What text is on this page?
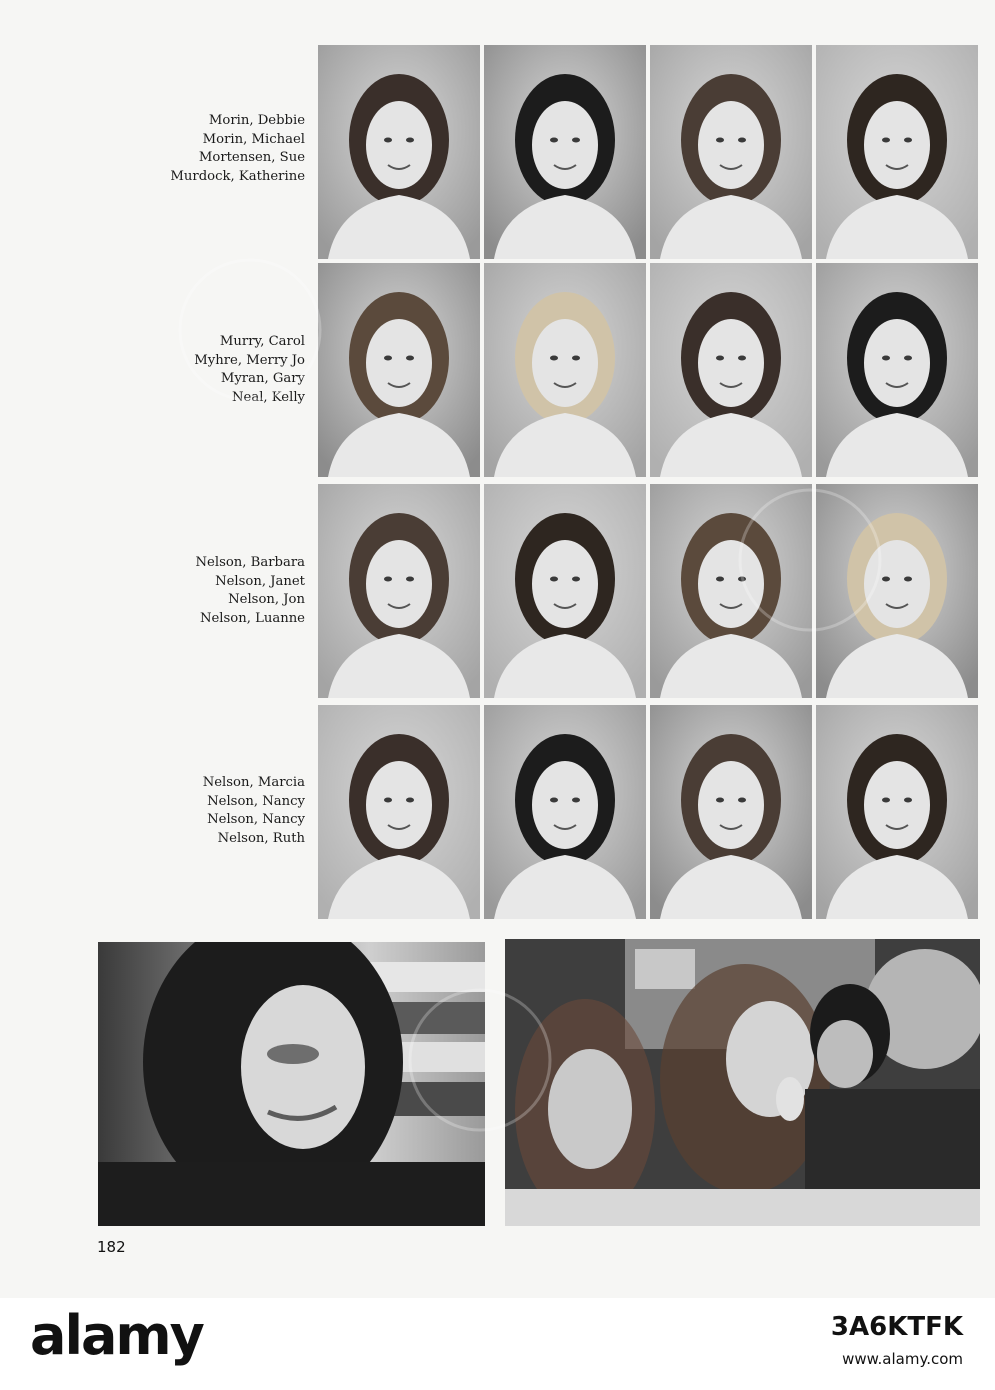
Morin, Debbie
Morin, Michael
Mortensen, Sue
Murdock, Katherine
Murry, Carol
Myhre, Merry Jo
Myran, Gary
Neal, Kelly
Nelson, Barbara
Nelson, Janet
Nelson, Jon
Nelson, Luanne
Nelson, Marcia
Nelson, Nancy
Nelson, Nancy
Nelson, Ruth
182
alamy	3A6KTFK
www.alamy.com
